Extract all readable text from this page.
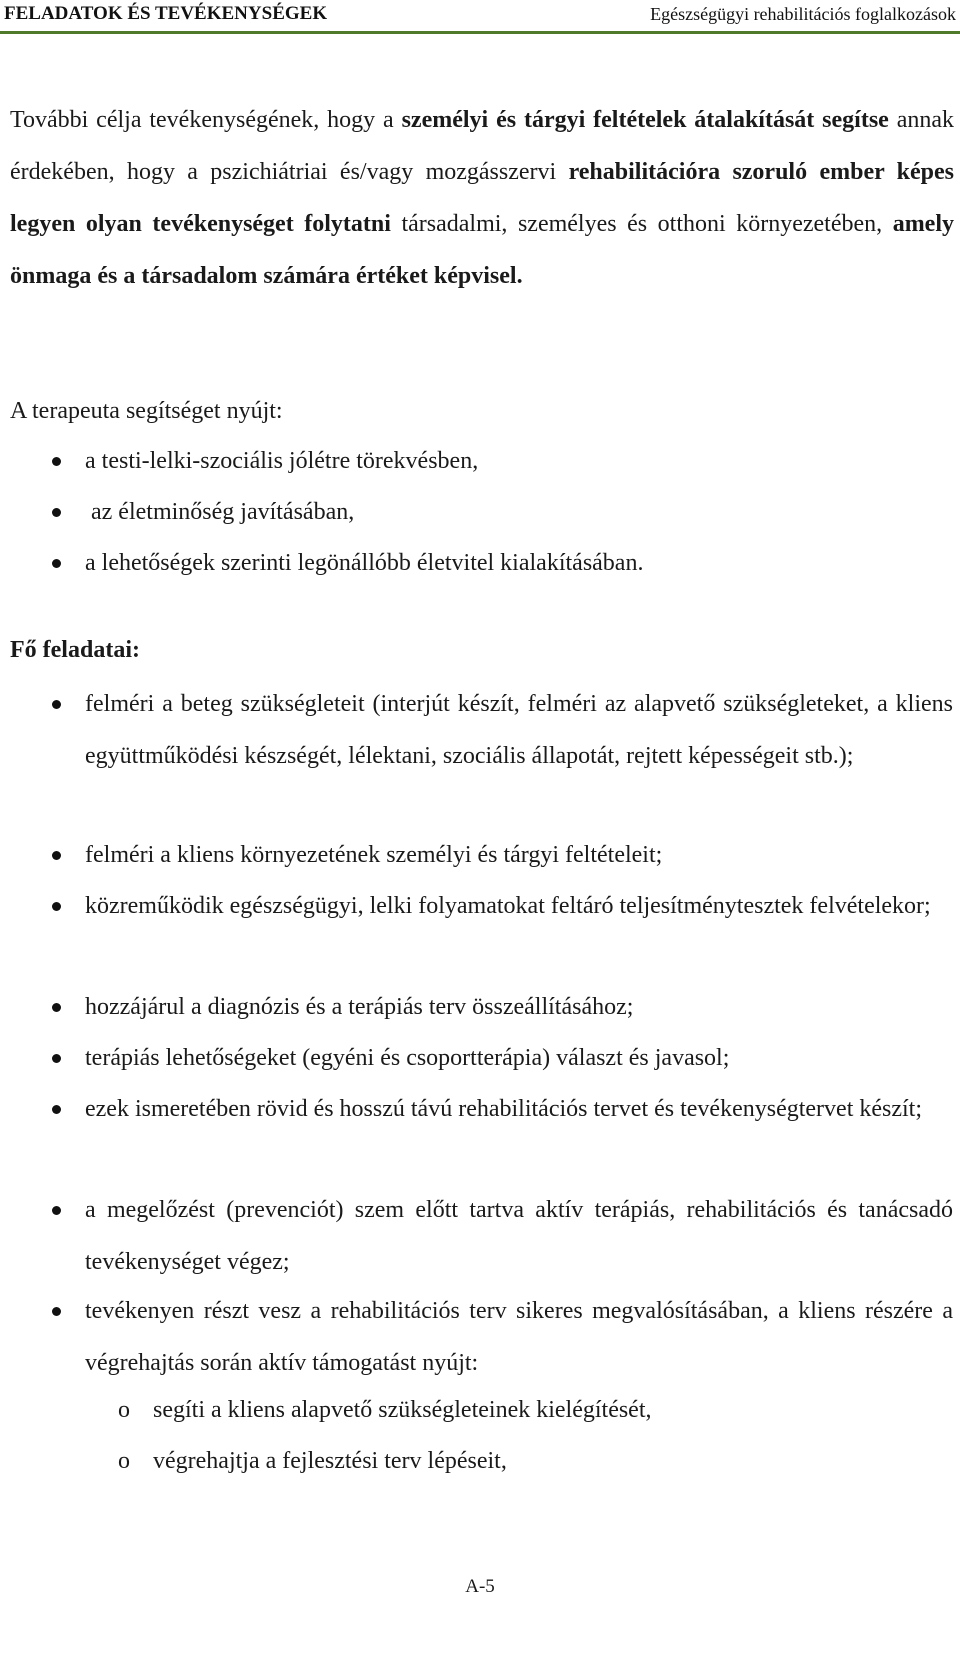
FELADATOK ÉS TEVÉKENYSÉGEK	Egészségügyi rehabilitációs foglalkozások

További célja tevékenységének, hogy a személyi és tárgyi feltételek átalakítását segítse annak érdekében, hogy a pszichiátriai és/vagy mozgásszervi rehabilitációra szoruló ember képes legyen olyan tevékenységet folytatni társadalmi, személyes és otthoni környezetében, amely önmaga és a társadalom számára értéket képvisel.

A terapeuta segítséget nyújt:

a testi-lelki-szociális jólétre törekvésben,

az életminőség javításában,

a lehetőségek szerinti legönállóbb életvitel kialakításában.

Fő feladatai:

felméri a beteg szükségleteit (interjút készít, felméri az alapvető szükségleteket, a kliens együttműködési készségét, lélektani, szociális állapotát, rejtett képességeit stb.);

felméri a kliens környezetének személyi és tárgyi feltételeit;

közreműködik egészségügyi, lelki folyamatokat feltáró teljesítménytesztek felvételekor;

hozzájárul a diagnózis és a terápiás terv összeállításához;

terápiás lehetőségeket (egyéni és csoportterápia) választ és javasol;

ezek ismeretében rövid és hosszú távú rehabilitációs tervet és tevékenységtervet készít;

a megelőzést (prevenciót) szem előtt tartva aktív terápiás, rehabilitációs és tanácsadó tevékenységet végez;

tevékenyen részt vesz a rehabilitációs terv sikeres megvalósításában, a kliens részére a végrehajtás során aktív támogatást nyújt:

o segíti a kliens alapvető szükségleteinek kielégítését,
o végrehajtja a fejlesztési terv lépéseit,
A-5
